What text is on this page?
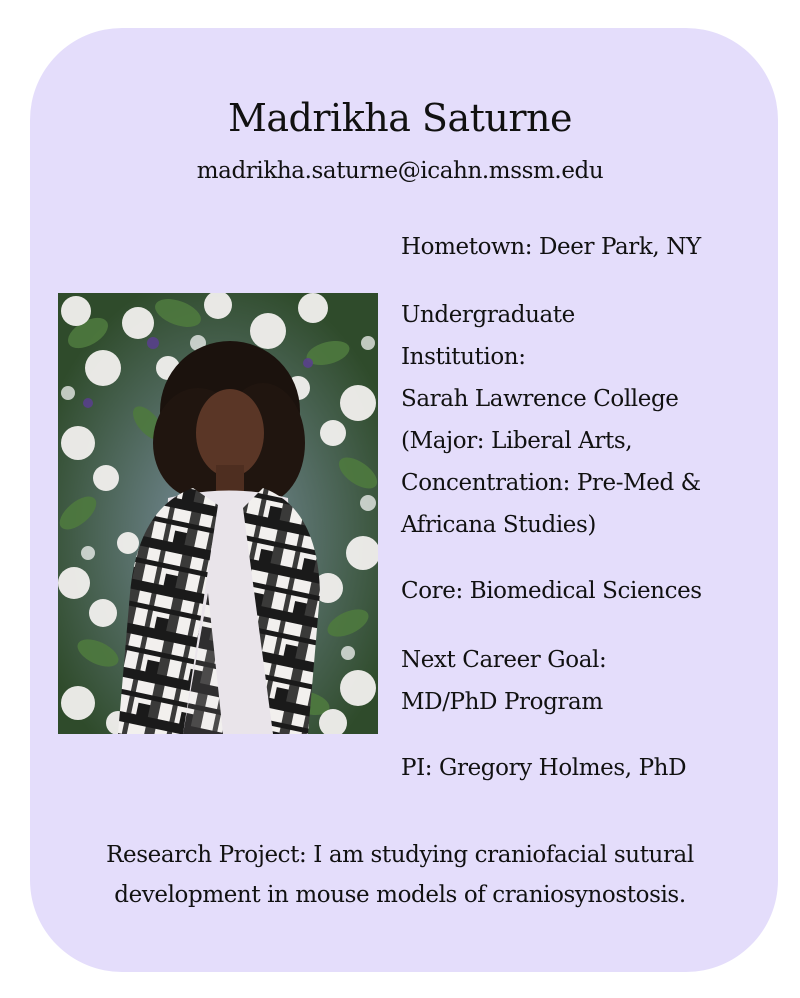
Madrikha Saturne
madrikha.saturne@icahn.mssm.edu
Hometown: Deer Park, NY
Undergraduate
Institution:
Sarah Lawrence College
(Major: Liberal Arts,
Concentration: Pre-Med &
Africana Studies)
Core: Biomedical Sciences
Next Career Goal:
MD/PhD Program
PI: Gregory Holmes, PhD
Research Project: I am studying craniofacial sutural
development in mouse models of craniosynostosis.
